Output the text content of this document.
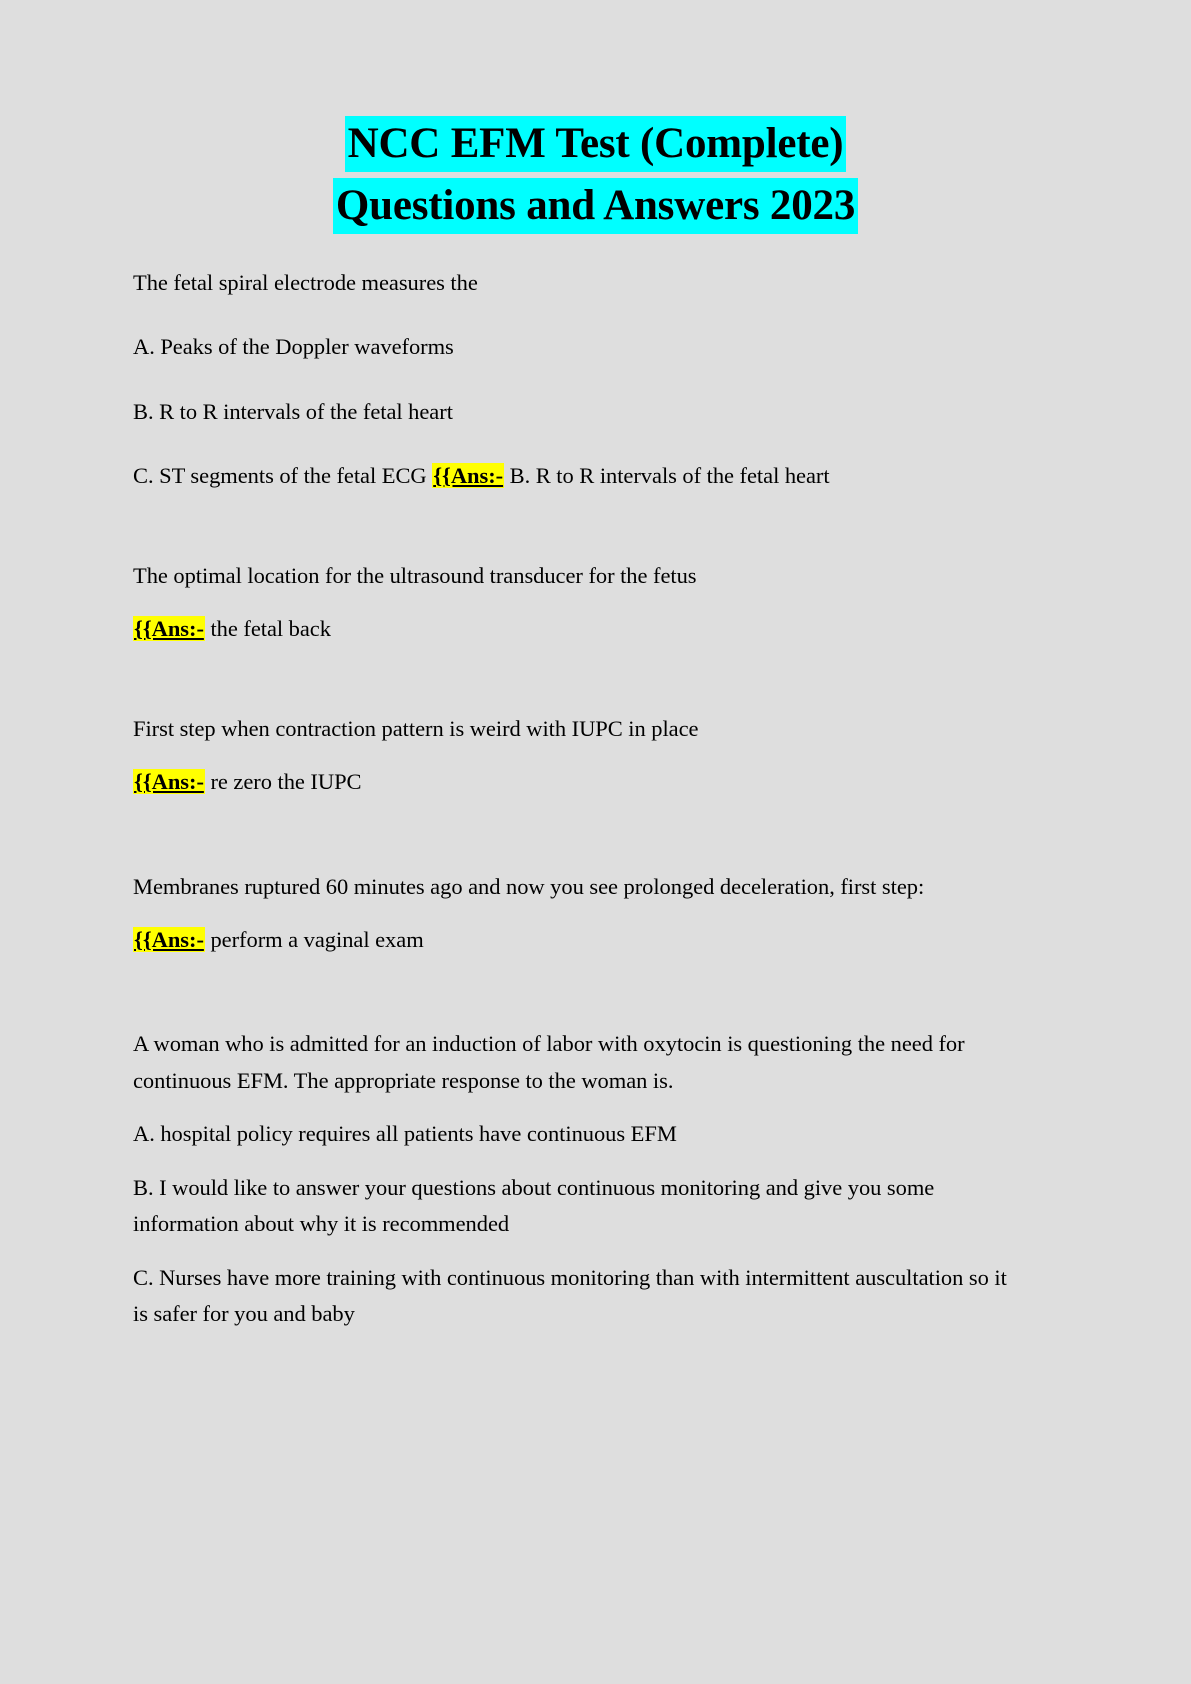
NCC EFM Test (Complete)
Questions and Answers 2023

The fetal spiral electrode measures the

A. Peaks of the Doppler waveforms

B. R to R intervals of the fetal heart

C. ST segments of the fetal ECG {{Ans:- B. R to R intervals of the fetal heart

The optimal location for the ultrasound transducer for the fetus

{{Ans:- the fetal back

First step when contraction pattern is weird with IUPC in place

{{Ans:- re zero the IUPC

Membranes ruptured 60 minutes ago and now you see prolonged deceleration, first step:

{{Ans:- perform a vaginal exam

A woman who is admitted for an induction of labor with oxytocin is questioning the need for continuous EFM. The appropriate response to the woman is.

A. hospital policy requires all patients have continuous EFM

B. I would like to answer your questions about continuous monitoring and give you some information about why it is recommended

C. Nurses have more training with continuous monitoring than with intermittent auscultation so it is safer for you and baby
